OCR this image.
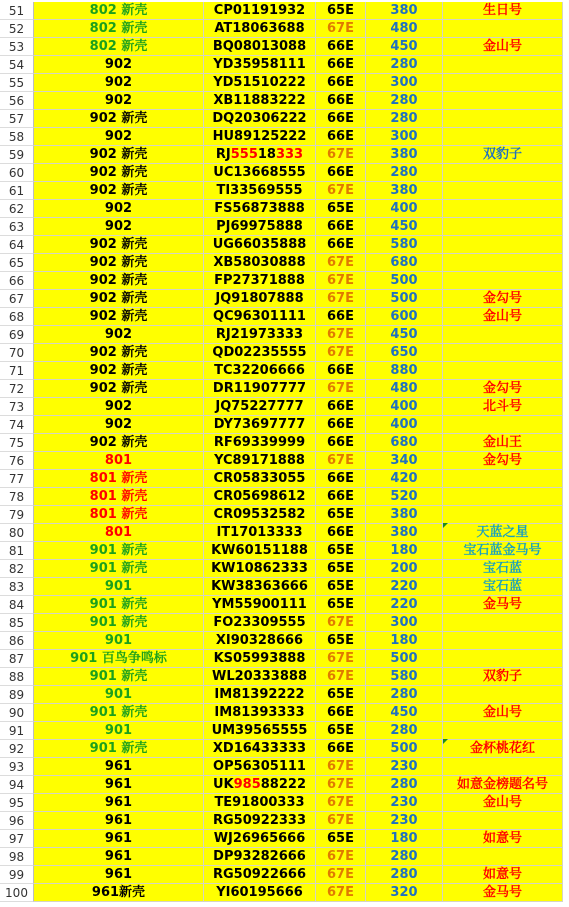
51	802 新壳	CP01191932	65E	380	生日号
52	802 新壳	AT18063688	67E	480
53	802 新壳	BQ08013088	66E	450	金山号
54	902	YD35958111	66E	280
55	902	YD51510222	66E	300
56	902	XB11883222	66E	280
57	902 新壳	DQ20306222	66E	280
58	902	HU89125222	66E	300
59	902 新壳	RJ55518333	67E	380	双豹子
60	902 新壳	UC13668555	66E	280
61	902 新壳	TI33569555	67E	380
62	902	FS56873888	65E	400
63	902	PJ69975888	66E	450
64	902 新壳	UG66035888	66E	580
65	902 新壳	XB58030888	67E	680
66	902 新壳	FP27371888	67E	500
67	902 新壳	JQ91807888	67E	500	金勾号
68	902 新壳	QC96301111	66E	600	金山号
69	902	RJ21973333	67E	450
70	902 新壳	QD02235555	67E	650
71	902 新壳	TC32206666	66E	880
72	902 新壳	DR11907777	67E	480	金勾号
73	902	JQ75227777	66E	400	北斗号
74	902	DY73697777	66E	400
75	902 新壳	RF69339999	66E	680	金山王
76	801	YC89171888	67E	340	金勾号
77	801 新壳	CR05833055	66E	420
78	801 新壳	CR05698612	66E	520
79	801 新壳	CR09532582	65E	380
80	801	IT17013333	66E	380	天蓝之星
81	901 新壳	KW60151188	65E	180	宝石蓝金马号
82	901 新壳	KW10862333	65E	200	宝石蓝
83	901	KW38363666	65E	220	宝石蓝
84	901 新壳	YM55900111	65E	220	金马号
85	901 新壳	FO23309555	67E	300
86	901	XI90328666	65E	180
87	901 百鸟争鸣标	KS05993888	67E	500
88	901 新壳	WL20333888	67E	580	双豹子
89	901	IM81392222	65E	280
90	901 新壳	IM81393333	66E	450	金山号
91	901	UM39565555	65E	280
92	901 新壳	XD16433333	66E	500	金杯桃花红
93	961	OP56305111	67E	230
94	961	UK98588222	67E	280	如意金榜题名号
95	961	TE91800333	67E	230	金山号
96	961	RG50922333	67E	230
97	961	WJ26965666	65E	180	如意号
98	961	DP93282666	67E	280
99	961	RG50922666	67E	280	如意号
100	961新壳	YI60195666	67E	320	金马号
